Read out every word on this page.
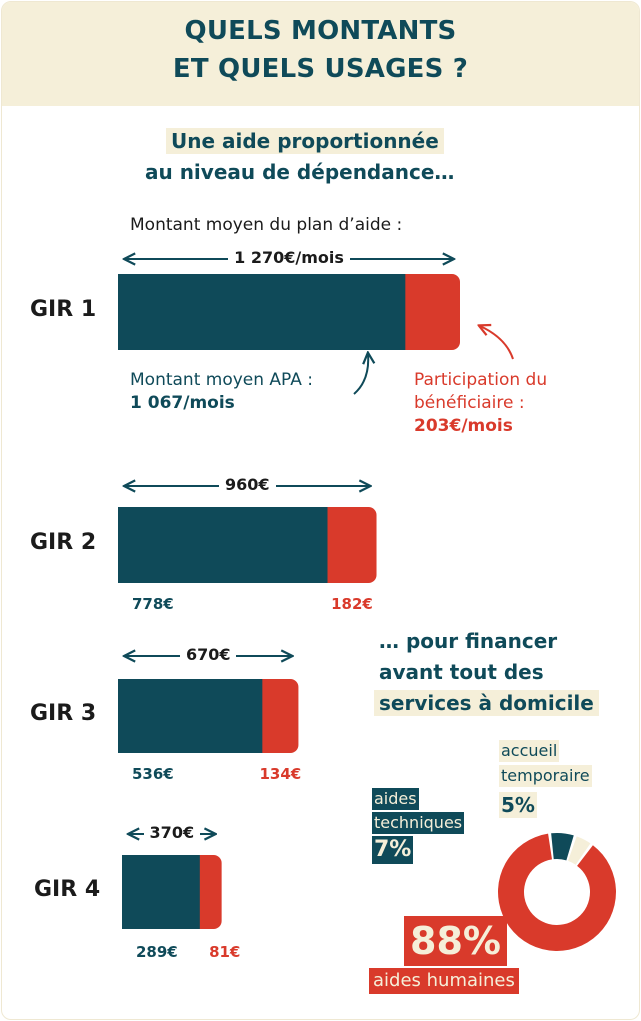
QUELS MONTANTS
ET QUELS USAGES ?
Une aide proportionnée
au niveau de dépendance…
Montant moyen du plan d’aide :
1 270€/mois
GIR 1
960€
GIR 2
778€	182€
670€
GIR 3
536€	134€
370€
GIR 4
289€ 81€
Montant moyen APA :
1 067/mois
Participation du
bénéficiaire :
203€/mois
… pour financer
avant tout des
services à domicile
accueil
temporaire
5%
aides
techniques
7%
88%
aides humaines
